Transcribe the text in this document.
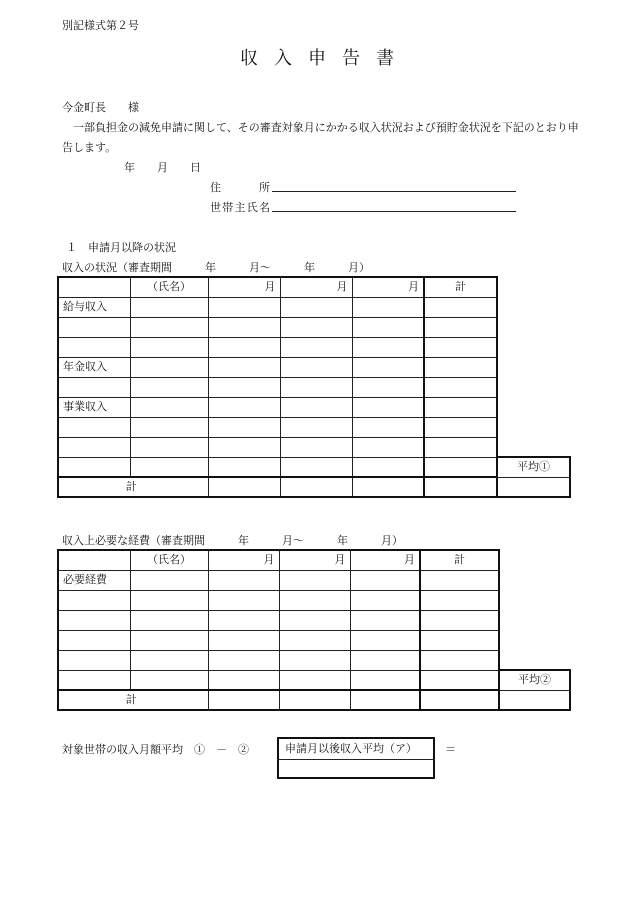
別記様式第２号
収入申告書
今金町長　　様
一部負担金の減免申請に関して、その審査対象月にかかる収入状況および預貯金状況を下記のとおり申告します。
年　　月　　日
住　　所
世帯主氏名
１　申請月以降の状況
収入の状況（審査期間　　　年　　　月～　　　年　　　月）
	（氏名）	月	月	月	計	
給与収入						

年金収入						

事業収入						

						平均①
計						
収入上必要な経費（審査期間　　　年　　　月～　　　年　　　月）
	（氏名）	月	月	月	計	
必要経費						

						平均②
計						
対象世帯の収入月額平均　①　－　②	申請月以後収入平均（ア）	＝
